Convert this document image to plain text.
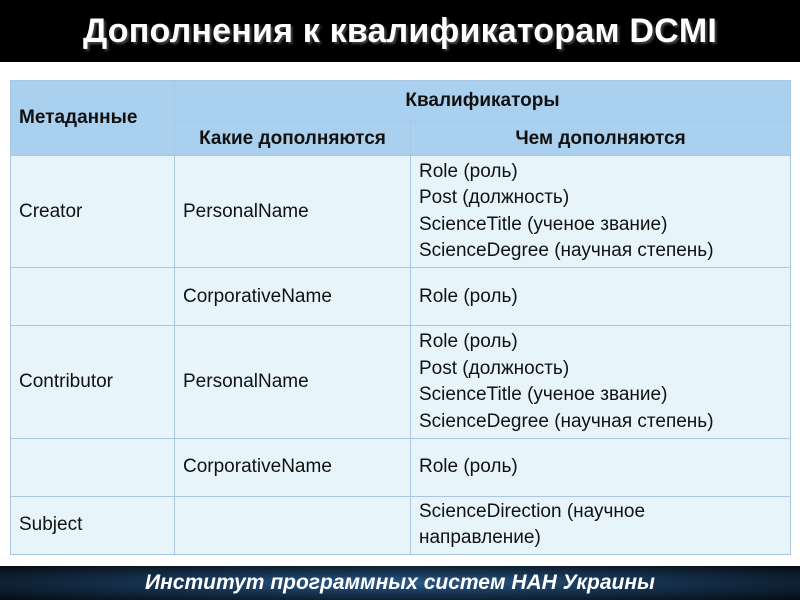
Дополнения к квалификаторам DCMI
Метаданные	Квалификаторы	
	Какие дополняются	Чем дополняются
Creator	PersonalName	Role (роль)
Post (должность)
ScienceTitle (ученое звание)
ScienceDegree (научная степень)

	CorporativeName	Role (роль)

Contributor	PersonalName	Role (роль)
Post (должность)
ScienceTitle (ученое звание)
ScienceDegree (научная степень)

	CorporativeName	Role (роль)

Subject		ScienceDirection (научное
направление)
Институт программных систем НАН Украины
